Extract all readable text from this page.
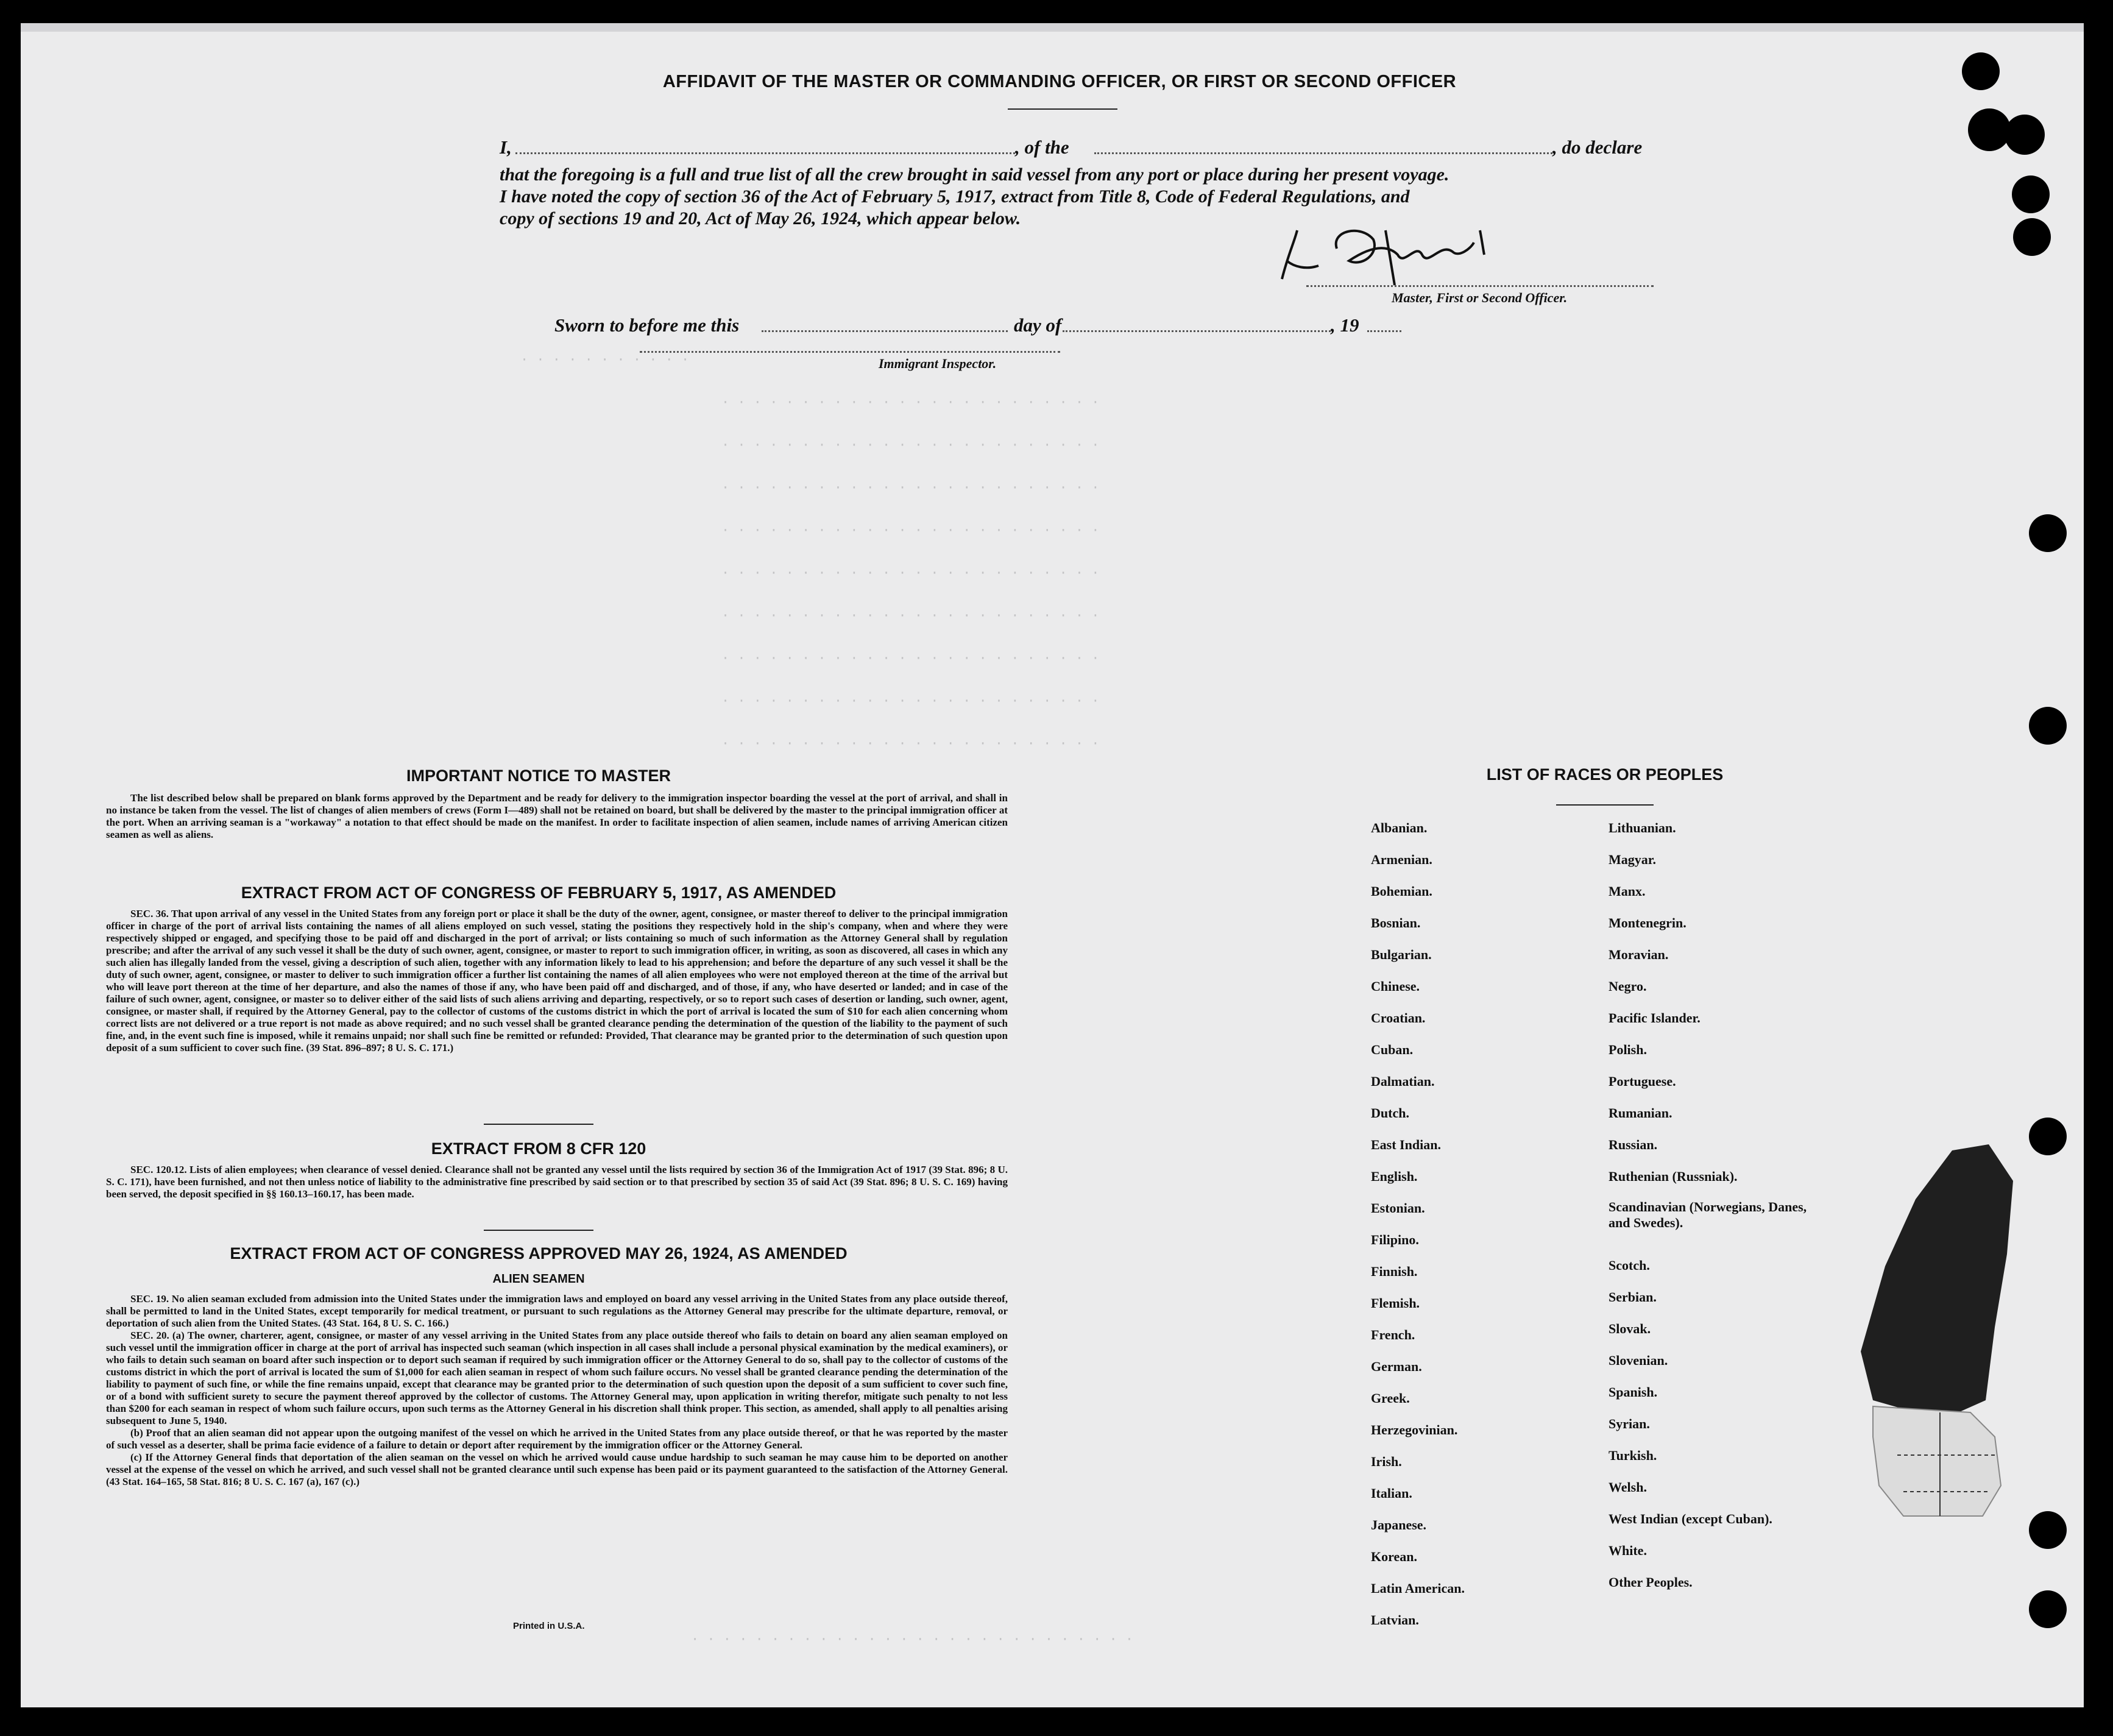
· · · · · · · · · · ·
· · · · · · · · · · · · · · · · · · · · · · · ·
· · · · · · · · · · · · · · · · · · · · · · · ·
· · · · · · · · · · · · · · · · · · · · · · · ·
· · · · · · · · · · · · · · · · · · · · · · · ·
· · · · · · · · · · · · · · · · · · · · · · · ·
· · · · · · · · · · · · · · · · · · · · · · · ·
· · · · · · · · · · · · · · · · · · · · · · · ·
· · · · · · · · · · · · · · · · · · · · · · · ·
· · · · · · · · · · · · · · · · · · · · · · · ·
· · · · · · · · · · · · · · · · · · · · · · · · · · · ·
AFFIDAVIT OF THE MASTER OR COMMANDING OFFICER, OR FIRST OR SECOND OFFICER
I,	, of the	, do declare
that the foregoing is a full and true list of all the crew brought in said vessel from any port or place during her present voyage.
I have noted the copy of section 36 of the Act of February 5, 1917, extract from Title 8, Code of Federal Regulations, and
copy of sections 19 and 20, Act of May 26, 1924, which appear below.
Master, First or Second Officer.
Sworn to before me this	day of	, 19
Immigrant Inspector.
IMPORTANT NOTICE TO MASTER

The list described below shall be prepared on blank forms approved by the Department and be ready for delivery to the immigration inspector boarding the vessel at the port of arrival, and shall in no instance be taken from the vessel. The list of changes of alien members of crews (Form I—489) shall not be retained on board, but shall be delivered by the master to the principal immigration officer at the port. When an arriving seaman is a "workaway" a notation to that effect should be made on the manifest. In order to facilitate inspection of alien seamen, include names of arriving American citizen seamen as well as aliens.

EXTRACT FROM ACT OF CONGRESS OF FEBRUARY 5, 1917, AS AMENDED

SEC. 36. That upon arrival of any vessel in the United States from any foreign port or place it shall be the duty of the owner, agent, consignee, or master thereof to deliver to the principal immigration officer in charge of the port of arrival lists containing the names of all aliens employed on such vessel, stating the positions they respectively hold in the ship's company, when and where they were respectively shipped or engaged, and specifying those to be paid off and discharged in the port of arrival; or lists containing so much of such information as the Attorney General shall by regulation prescribe; and after the arrival of any such vessel it shall be the duty of such owner, agent, consignee, or master to report to such immigration officer, in writing, as soon as discovered, all cases in which any such alien has illegally landed from the vessel, giving a description of such alien, together with any information likely to lead to his apprehension; and before the departure of any such vessel it shall be the duty of such owner, agent, consignee, or master to deliver to such immigration officer a further list containing the names of all alien employees who were not employed thereon at the time of the arrival but who will leave port thereon at the time of her departure, and also the names of those if any, who have been paid off and discharged, and of those, if any, who have deserted or landed; and in case of the failure of such owner, agent, consignee, or master so to deliver either of the said lists of such aliens arriving and departing, respectively, or so to report such cases of desertion or landing, such owner, agent, consignee, or master shall, if required by the Attorney General, pay to the collector of customs of the customs district in which the port of arrival is located the sum of $10 for each alien concerning whom correct lists are not delivered or a true report is not made as above required; and no such vessel shall be granted clearance pending the determination of the question of the liability to the payment of such fine, and, in the event such fine is imposed, while it remains unpaid; nor shall such fine be remitted or refunded: Provided, That clearance may be granted prior to the determination of such question upon deposit of a sum sufficient to cover such fine. (39 Stat. 896–897; 8 U. S. C. 171.)

EXTRACT FROM 8 CFR 120

SEC. 120.12. Lists of alien employees; when clearance of vessel denied. Clearance shall not be granted any vessel until the lists required by section 36 of the Immigration Act of 1917 (39 Stat. 896; 8 U. S. C. 171), have been furnished, and not then unless notice of liability to the administrative fine prescribed by said section or to that prescribed by section 35 of said Act (39 Stat. 896; 8 U. S. C. 169) having been served, the deposit specified in §§ 160.13–160.17, has been made.

EXTRACT FROM ACT OF CONGRESS APPROVED MAY 26, 1924, AS AMENDED
ALIEN SEAMEN

SEC. 19. No alien seaman excluded from admission into the United States under the immigration laws and employed on board any vessel arriving in the United States from any place outside thereof, shall be permitted to land in the United States, except temporarily for medical treatment, or pursuant to such regulations as the Attorney General may prescribe for the ultimate departure, removal, or deportation of such alien from the United States. (43 Stat. 164, 8 U. S. C. 166.)

SEC. 20. (a) The owner, charterer, agent, consignee, or master of any vessel arriving in the United States from any place outside thereof who fails to detain on board any alien seaman employed on such vessel until the immigration officer in charge at the port of arrival has inspected such seaman (which inspection in all cases shall include a personal physical examination by the medical examiners), or who fails to detain such seaman on board after such inspection or to deport such seaman if required by such immigration officer or the Attorney General to do so, shall pay to the collector of customs of the customs district in which the port of arrival is located the sum of $1,000 for each alien seaman in respect of whom such failure occurs. No vessel shall be granted clearance pending the determination of the liability to payment of such fine, or while the fine remains unpaid, except that clearance may be granted prior to the determination of such question upon the deposit of a sum sufficient to cover such fine, or of a bond with sufficient surety to secure the payment thereof approved by the collector of customs. The Attorney General may, upon application in writing therefor, mitigate such penalty to not less than $200 for each seaman in respect of whom such failure occurs, upon such terms as the Attorney General in his discretion shall think proper. This section, as amended, shall apply to all penalties arising subsequent to June 5, 1940.

(b) Proof that an alien seaman did not appear upon the outgoing manifest of the vessel on which he arrived in the United States from any place outside thereof, or that he was reported by the master of such vessel as a deserter, shall be prima facie evidence of a failure to detain or deport after requirement by the immigration officer or the Attorney General.

(c) If the Attorney General finds that deportation of the alien seaman on the vessel on which he arrived would cause undue hardship to such seaman he may cause him to be deported on another vessel at the expense of the vessel on which he arrived, and such vessel shall not be granted clearance until such expense has been paid or its payment guaranteed to the satisfaction of the Attorney General. (43 Stat. 164–165, 58 Stat. 816; 8 U. S. C. 167 (a), 167 (c).)

Printed in U.S.A.
LIST OF RACES OR PEOPLES
Albanian.
Armenian.
Bohemian.
Bosnian.
Bulgarian.
Chinese.
Croatian.
Cuban.
Dalmatian.
Dutch.
East Indian.
English.
Estonian.
Filipino.
Finnish.
Flemish.
French.
German.
Greek.
Herzegovinian.
Irish.
Italian.
Japanese.
Korean.
Latin American.
Latvian.
Lithuanian.
Magyar.
Manx.
Montenegrin.
Moravian.
Negro.
Pacific Islander.
Polish.
Portuguese.
Rumanian.
Russian.
Ruthenian (Russniak).
Scandinavian (Norwegians, Danes, and Swedes).
Scotch.
Serbian.
Slovak.
Slovenian.
Spanish.
Syrian.
Turkish.
Welsh.
West Indian (except Cuban).
White.
Other Peoples.
